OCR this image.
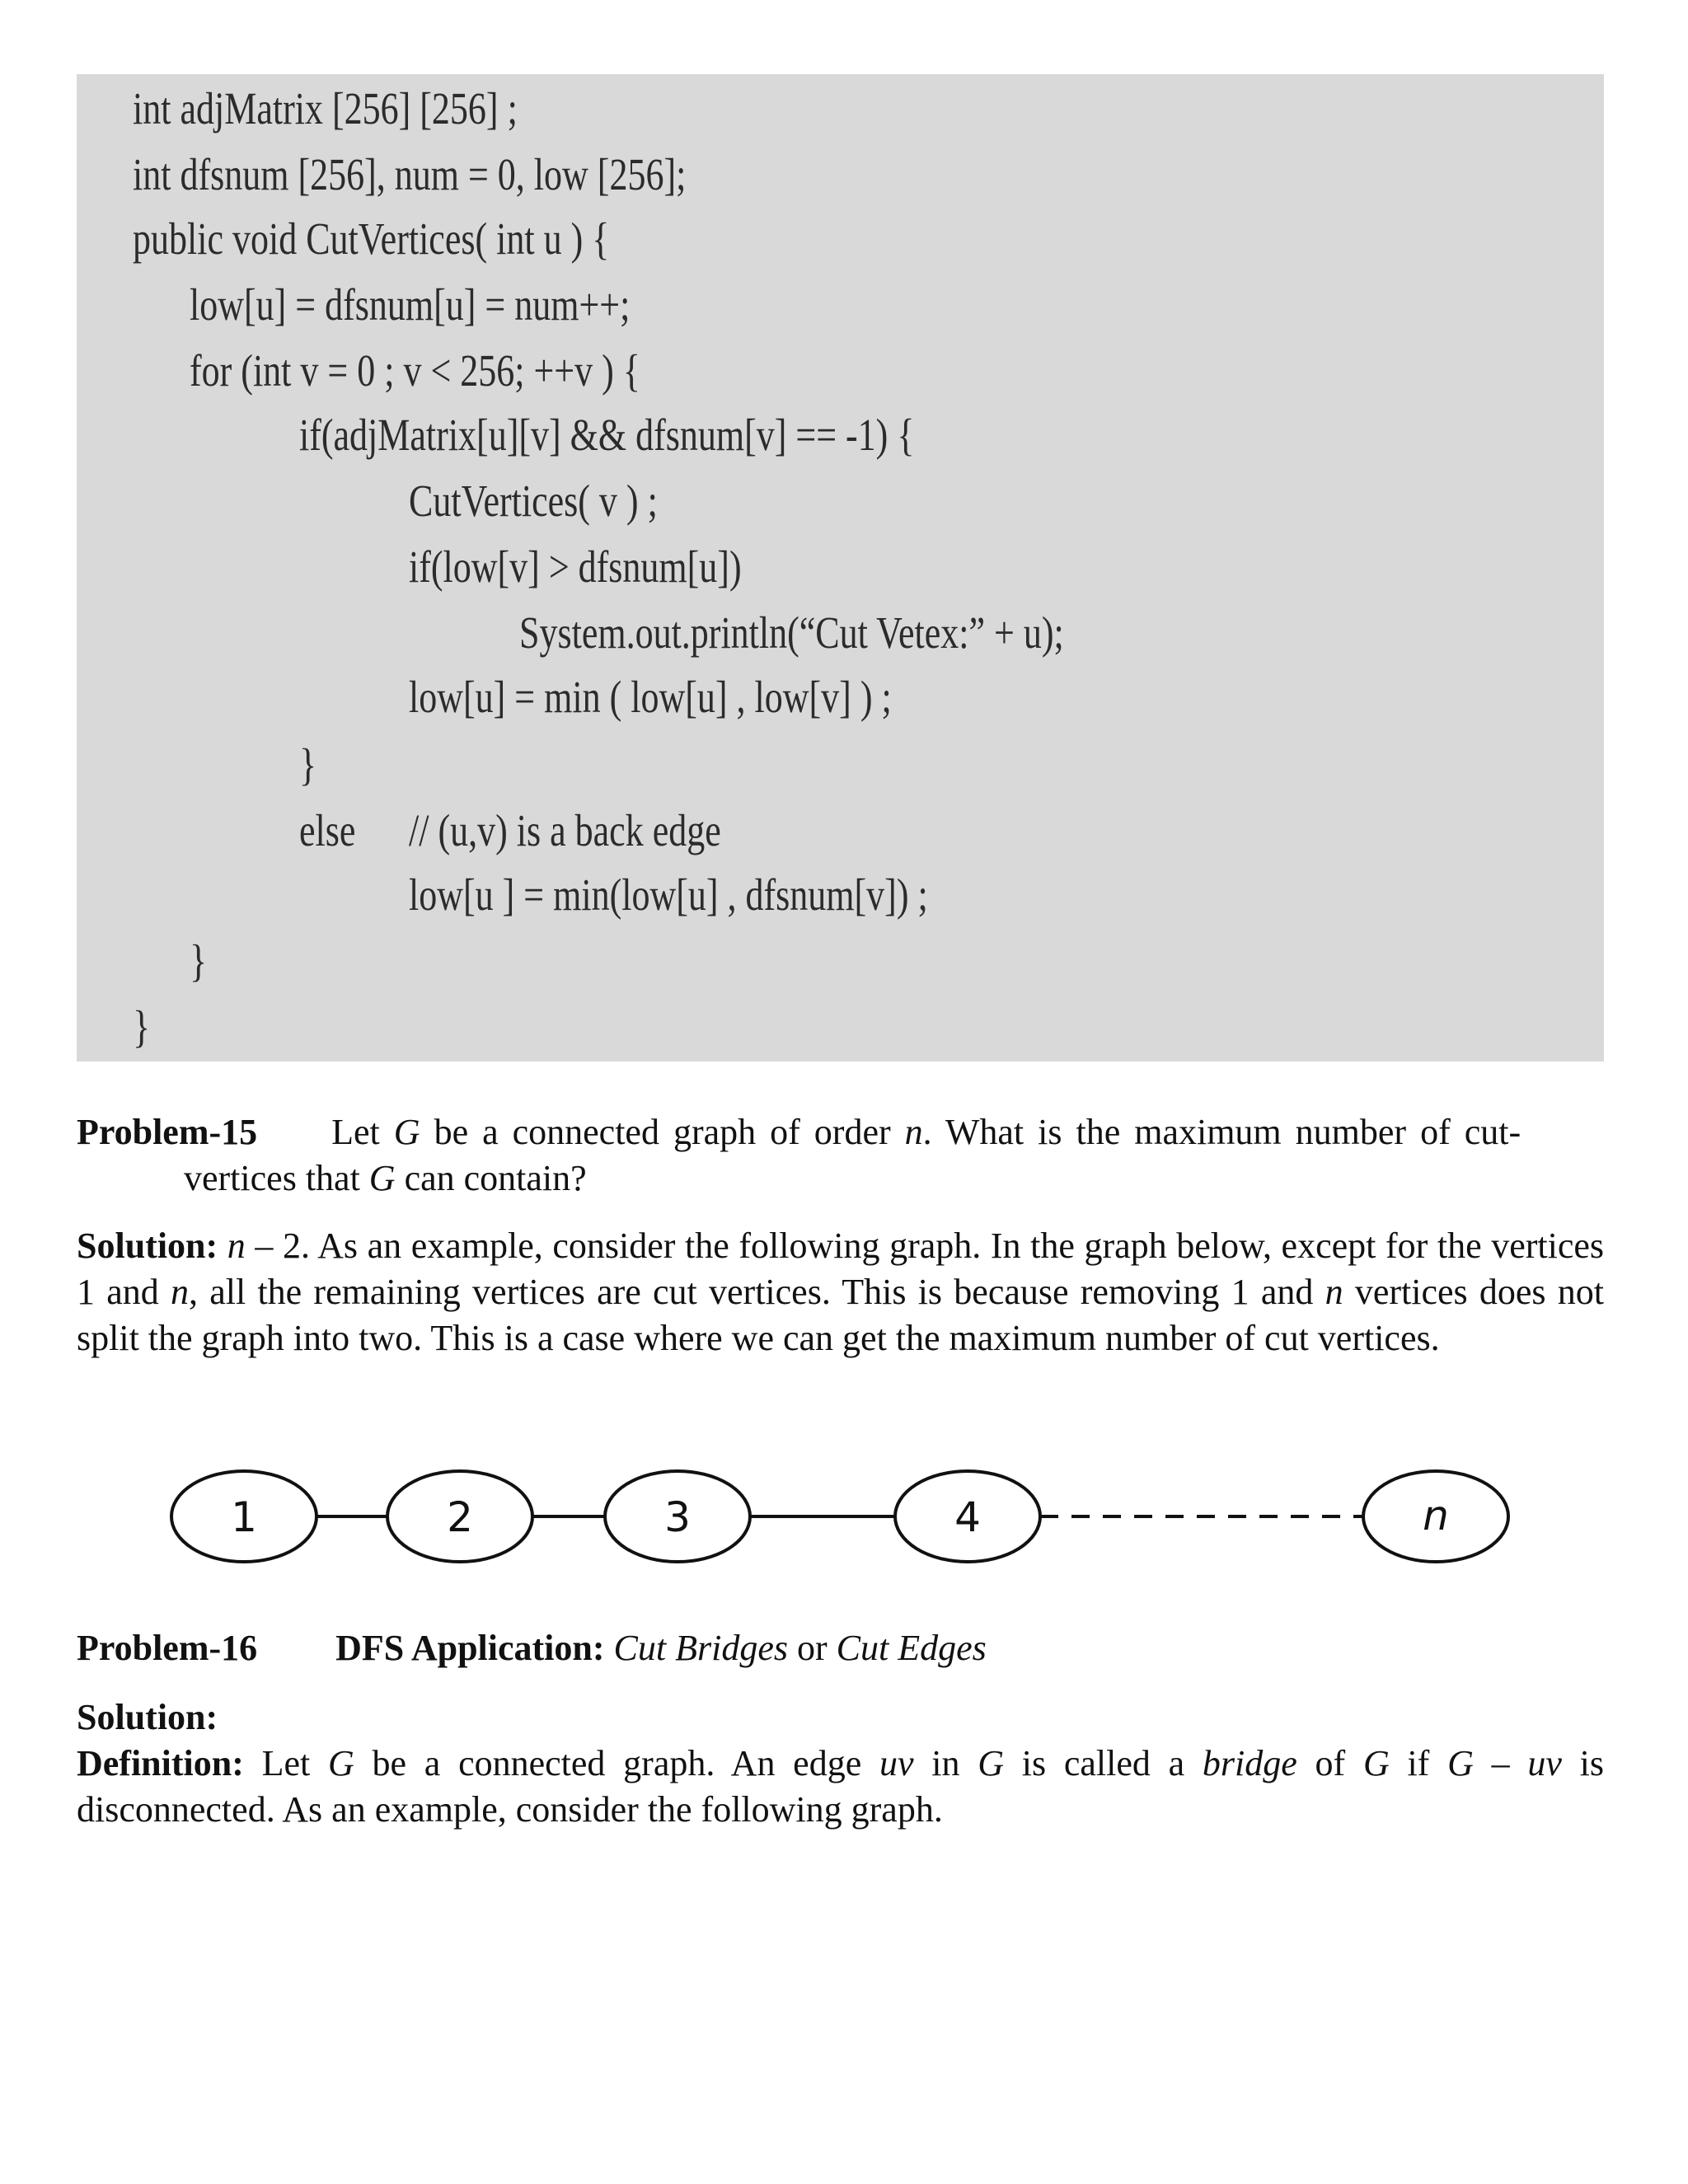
int adjMatrix [256] [256] ;
int dfsnum [256], num = 0, low [256];
public void CutVertices( int u ) {
low[u] = dfsnum[u] = num++;
for (int v = 0 ; v < 256; ++v ) {
if(adjMatrix[u][v] && dfsnum[v] == -1) {
CutVertices( v ) ;
if(low[v] > dfsnum[u])
System.out.println(“Cut Vetex:” + u);
low[u] = min ( low[u] , low[v] ) ;
}
else // (u,v) is a back edge
low[u ] = min(low[u] , dfsnum[v]) ;
}
}
Problem-15 Let G be a connected graph of order n. What is the maximum number of cut-
vertices that G can contain?
Solution: n – 2. As an example, consider the following graph. In the graph below, except for the vertices 1 and n, all the remaining vertices are cut vertices. This is because removing 1 and n vertices does not split the graph into two. This is a case where we can get the maximum number of cut vertices.
1	2	3	4	n
Problem-16 DFS Application: Cut Bridges or Cut Edges
Solution:
Definition: Let G be a connected graph. An edge uv in G is called a bridge of G if G – uv is disconnected. As an example, consider the following graph.
